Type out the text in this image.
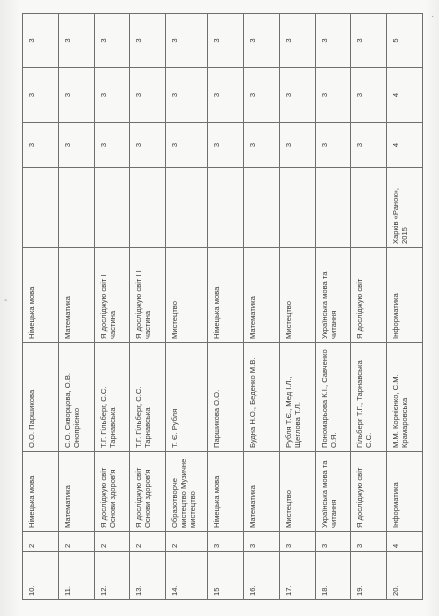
·
-
10.	2	Німецька мова	О.О. Паршикова	Німецька мова		3	3	3
11.	2	Математика	С.О. Скворцова, О.В. Онопрієнко	Математика		3	3	3
12.	2	Я досліджую світ Основи здоров'я	Т.Г. Гільберг, С.С. Тарнавська	Я досліджую світ І частина		3	3	3
13.	2	Я досліджую світ Основи здоров'я	Т.Г. Гільберг, С.С. Тарнавська	Я досліджую світ І І частина		3	3	3
14.	2	Образотворче мистецтво Музичне мистецтво	Т. Є. Рубля	Мистецтво		3	3	3
15	3	Німецька мова	Паршикова О.О.	Німецька мова		3	3	3
16.	3	Математика	Будна Н.О., Беденко М.В.	Математика		3	3	3
17.	3	Мистецтво	Рубля Т.Є., Мед І.Л., Щеглова Т.Л.	Мистецтво		3	3	3
18.	3	Українська мова та читання	Пономарьова К.І., Савченко О.Я.	Українська мова та читання		3	3	3
19.	3	Я досліджую світ	Гільберг Т.Г., Тарнавська С.С.	Я досліджую світ		3	3	3
20.	4	Інформатика	М.М. Корнієнко, С.М. Крамаровська	Інформатика	Харків «Ранок», 2015	4	4	5
